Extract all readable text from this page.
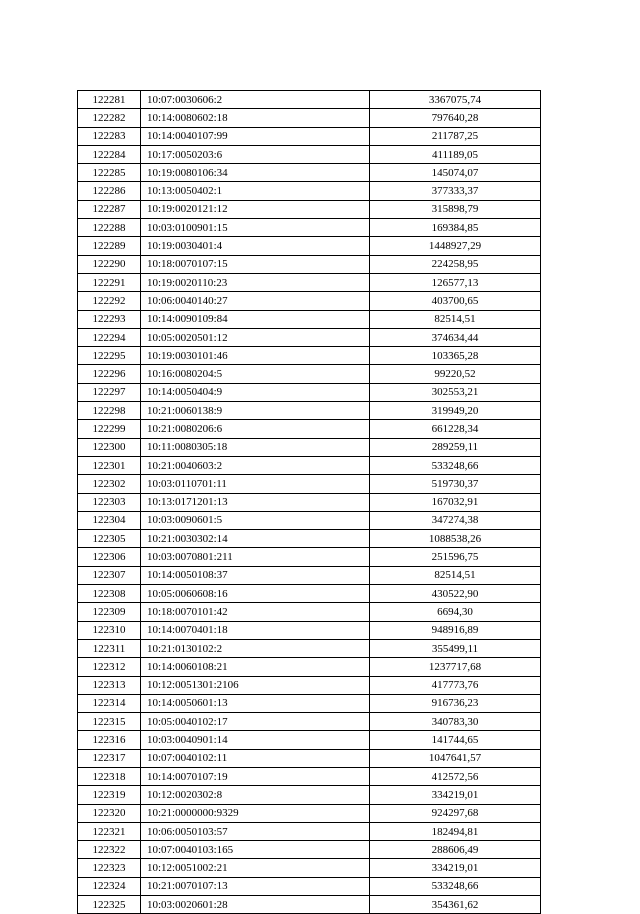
122281	10:07:0030606:2	3367075,74
122282	10:14:0080602:18	797640,28
122283	10:14:0040107:99	211787,25
122284	10:17:0050203:6	411189,05
122285	10:19:0080106:34	145074,07
122286	10:13:0050402:1	377333,37
122287	10:19:0020121:12	315898,79
122288	10:03:0100901:15	169384,85
122289	10:19:0030401:4	1448927,29
122290	10:18:0070107:15	224258,95
122291	10:19:0020110:23	126577,13
122292	10:06:0040140:27	403700,65
122293	10:14:0090109:84	82514,51
122294	10:05:0020501:12	374634,44
122295	10:19:0030101:46	103365,28
122296	10:16:0080204:5	99220,52
122297	10:14:0050404:9	302553,21
122298	10:21:0060138:9	319949,20
122299	10:21:0080206:6	661228,34
122300	10:11:0080305:18	289259,11
122301	10:21:0040603:2	533248,66
122302	10:03:0110701:11	519730,37
122303	10:13:0171201:13	167032,91
122304	10:03:0090601:5	347274,38
122305	10:21:0030302:14	1088538,26
122306	10:03:0070801:211	251596,75
122307	10:14:0050108:37	82514,51
122308	10:05:0060608:16	430522,90
122309	10:18:0070101:42	6694,30
122310	10:14:0070401:18	948916,89
122311	10:21:0130102:2	355499,11
122312	10:14:0060108:21	1237717,68
122313	10:12:0051301:2106	417773,76
122314	10:14:0050601:13	916736,23
122315	10:05:0040102:17	340783,30
122316	10:03:0040901:14	141744,65
122317	10:07:0040102:11	1047641,57
122318	10:14:0070107:19	412572,56
122319	10:12:0020302:8	334219,01
122320	10:21:0000000:9329	924297,68
122321	10:06:0050103:57	182494,81
122322	10:07:0040103:165	288606,49
122323	10:12:0051002:21	334219,01
122324	10:21:0070107:13	533248,66
122325	10:03:0020601:28	354361,62
